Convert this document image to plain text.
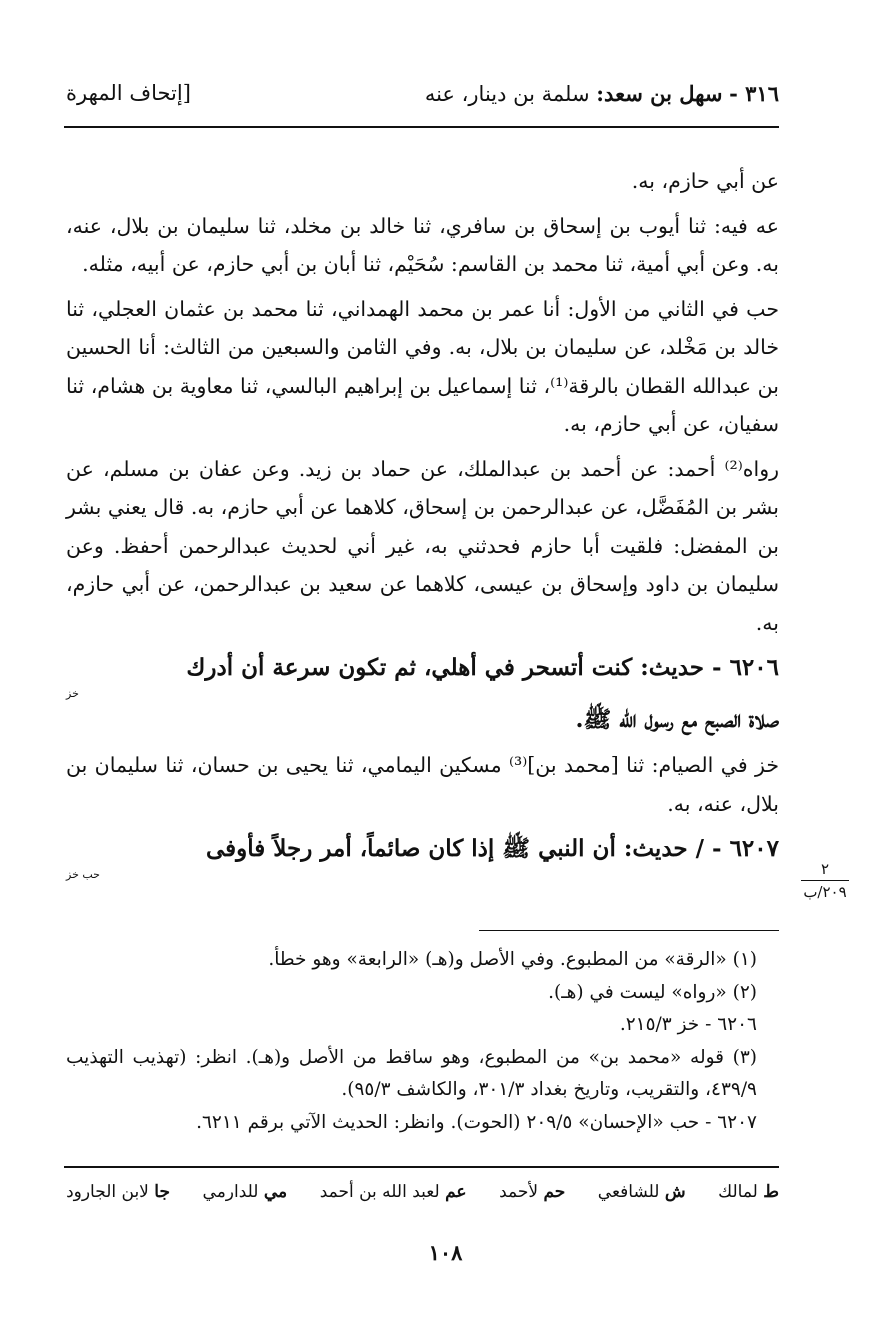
٣١٦ - سهل بن سعد: سلمة بن دينار، عنه
[إتحاف المهرة

عن أبي حازم، به.

عه فيه: ثنا أيوب بن إسحاق بن سافري، ثنا خالد بن مخلد، ثنا سليمان بن بلال، عنه، به. وعن أبي أمية، ثنا محمد بن القاسم: سُحَيْم، ثنا أبان بن أبي حازم، عن أبيه، مثله.

حب في الثاني من الأول: أنا عمر بن محمد الهمداني، ثنا محمد بن عثمان العجلي، ثنا خالد بن مَخْلد، عن سليمان بن بلال، به. وفي الثامن والسبعين من الثالث: أنا الحسين بن عبدالله القطان بالرقة⁽¹⁾، ثنا إسماعيل بن إبراهيم البالسي، ثنا معاوية بن هشام، ثنا سفيان، عن أبي حازم، به.

رواه⁽²⁾ أحمد: عن أحمد بن عبدالملك، عن حماد بن زيد. وعن عفان بن مسلم، عن بشر بن المُفَضَّل، عن عبدالرحمن بن إسحاق، كلاهما عن أبي حازم، به. قال يعني بشر بن المفضل: فلقيت أبا حازم فحدثني به، غير أني لحديث عبدالرحمن أحفظ. وعن سليمان بن داود وإسحاق بن عيسى، كلاهما عن سعيد بن عبدالرحمن، عن أبي حازم، به.

٦٢٠٦ - حديث: كنت أتسحر في أهلي، ثم تكون سرعة أن أدرك
خز
صلاة الصبح مع رسول الله ﷺ.

خز في الصيام: ثنا [محمد بن]⁽³⁾ مسكين اليمامي، ثنا يحيى بن حسان، ثنا سليمان بن بلال، عنه، به.

٦٢٠٧ - / حديث: أن النبي ﷺ إذا كان صائماً، أمر رجلاً فأوفى
حب خز	٢
٢٠٩/ب

(١) «الرقة» من المطبوع. وفي الأصل و(هـ) «الرابعة» وهو خطأ.

(٢) «رواه» ليست في (هـ).

٦٢٠٦ - خز ٢١٥/٣.

(٣) قوله «محمد بن» من المطبوع، وهو ساقط من الأصل و(هـ). انظر: (تهذيب التهذيب ٤٣٩/٩، والتقريب، وتاريخ بغداد ٣٠١/٣، والكاشف ٩٥/٣).

٦٢٠٧ - حب «الإحسان» ٢٠٩/٥ (الحوت). وانظر: الحديث الآتي برقم ٦٢١١.

ط لمالك
ش للشافعي
حم لأحمد
عم لعبد الله بن أحمد
مي للدارمي
جا لابن الجارود
١٠٨
